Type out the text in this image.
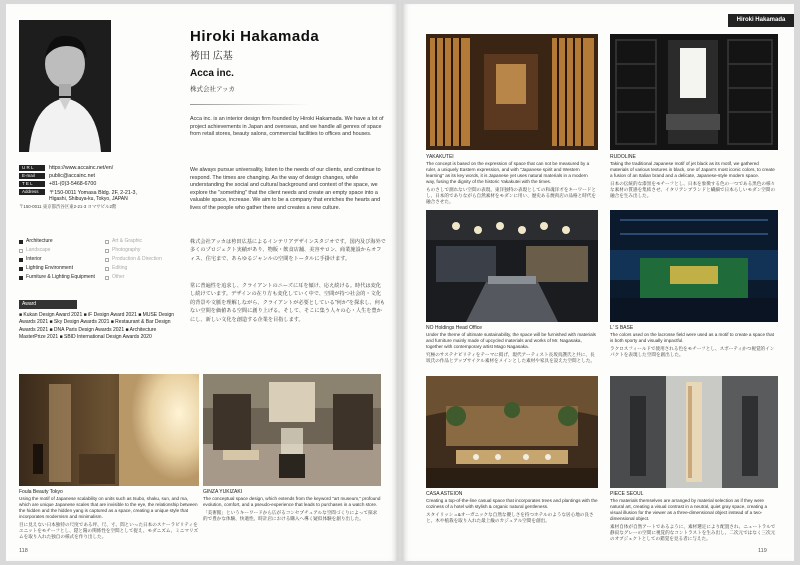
Hiroki Hakamada
袴田 広基
Acca inc.
株式会社アッカ

Acca inc. is an interior design firm founded by Hiroki Hakamada. We have a lot of project achievements in Japan and overseas, and we handle all genres of space from retail stores, beauty salons, commercial facilities to offices and houses.

We always pursue universality, listen to the needs of our clients, and continue to respond. The times are changing. As the way of design changes, while understanding the social and cultural background and context of the space, we explore the "something" that the client needs and create an empty space into a valuable space, increase. We aim to be a company that enriches the hearts and lives of the people who gather there and creates a new culture.

株式会社アッカは袴田広基によるインテリアデザインスタジオです。国内及び海外で多くのプロジェクト実績があり、物販・飲食店舗、美容サロン、商業施設からオフィス、住宅まで、あらゆるジャンルの空間をトータルに手掛けます。

常に普遍性を追求し、クライアントのニーズに耳を傾け、応え続ける。時代は変化し続けています。デザインの在り方も変化していく中で、空間が持つ社会的・文化的背景や文脈を理解しながら、クライアントが必要としている"何か"を探求し、何もない空間を価値ある空間に創り上げる。そして、そこに集う人々の心・人生を豊かにし、新しい文化を創造する企業を目指します。

U R L	https://www.accainc.net/en/
E-mail	public@accainc.net
T E L	+81-(0)3-5468-6700
Address	〒150-0011 Yomasa Bldg. 2F, 2-21-3,
Higashi, Shibuya-ku, Tokyo, JAPAN
〒150-0011 東京都渋谷区東2-21-3 ヨマサビル2階
Architecture	Art & Graphic
Landscape	Photography
Interior	Production & Direction
Lighting Environment	Editing
Furniture & Lighting Equipment	Other
Award
■ Kukan Design Award 2021 ■ iF Design Award 2021 ■ MUSE Design Awards 2021 ■ Sky Design Awards 2021 ■ Restaurant & Bar Design Awards 2021 ■ DNA Paris Design Awards 2021 ■ Architecture MasterPrize 2021 ■ SBID International Design Awards 2020
Foula Beauty Tokyo
Using the motif of Japanese scalability on units such as tsubo, shaku, sun, and ma, which are unique Japanese scales that are invisible to the eye, the relationship between the hidden and the hidden yang is captured as a space, creating a unique style that incorporates modernism and minimalism.
目に見えない日本独特の尺度である坪、尺、寸、間といった日本のスケーラビリティをユニットをモチーフとし、隠と陽の関係性を空間として捉え、モダニズム、ミニマリズムを取り入れた独自の様式を作り出した。
GINZA YUKIZAKI
The conceptual space design, which extends from the keyword "art museum," profound evolution, comfort, and a pseudo-experience that leads to purchases in a watch store.
「美術館」というキーワードから広がるコンセプチュアルな空間づくりによって探求的で豊かな体験、快適性、時計店における購入へ導く疑似体験を創り出した。
118
Hiroki Hakamada
YAKAKUTEI
The concept is based on the expression of space that can not be measured by a ruler, a uniquely Eastern expression, and with "Japanese spirit and Western learning" as its key words, it is Japanese yet uses natural materials in a modern way, fusing the dignity of the historic Yakakutei with the times.
ものさしで測れない空間の表現、東洋独特の表現としての和魂洋才をキーワードとし、日本的でありながら自然素材をモダンに用い、歴史ある焼肉店の品格と時代を融合させた。
RUDOLINE
Taking the traditional Japanese motif of jet black as its motif, we gathered materials of various textures in black, one of Japan's most iconic colors, to create a fusion of an Italian brand and a delicate, Japanese-style modern space.
日本の伝統的な漆黒をモチーフとし、日本を象徴する色の一つである黒色の様々な素材の質感を集結させ、イタリアンブランドと繊細で日本らしいモダン空間の融合を生み出した。
NO Holdings Head Office
Under the theme of ultimate sustainability, the space will be furnished with materials and furniture mainly made of upcycled materials and works of Mr. Nagasaka, together with contemporary artist Mago Nagasaka.
究極のサステナビリティをテーマに掲げ、現代アーティスト長坂真護氏と共に、長坂氏の作品とアップサイクル素材をメインとした素材や家具を設えた空間とした。
L' S BASE
The colors used on the lacrosse field were used as a motif to create a space that is both sporty and visually impactful.
ラクロスフィールドで使用される色をモチーフとし、スポーティかつ視覚的インパクトを表現した空間を創出した。
CASA ASTEION
Creating a top-of-the-line casual space that incorporates trees and plantings with the coziness of a hotel with stylish & organic natural gentleness.
スタイリッシュ&オーガニックな自然な優しさを持つホテルのような居心地の良さと、木や植栽を取り入れた最上級のカジュアル空間を創出。
PIECE SEOUL
The materials themselves are arranged by material selection as if they were natural art, creating a visual contrast in a neutral, quiet gray space, creating a visual illusion for the viewer as a three-dimensional object instead of a two-dimensional object.
素材自体が自然アートであるように、素材選定により配置され、ニュートラルで静寂なグレーの空間に視覚的なコントラストを生み出し、二次元ではなく三次元のオブジェクトとしての錯覚を見る者に与えた。
119
